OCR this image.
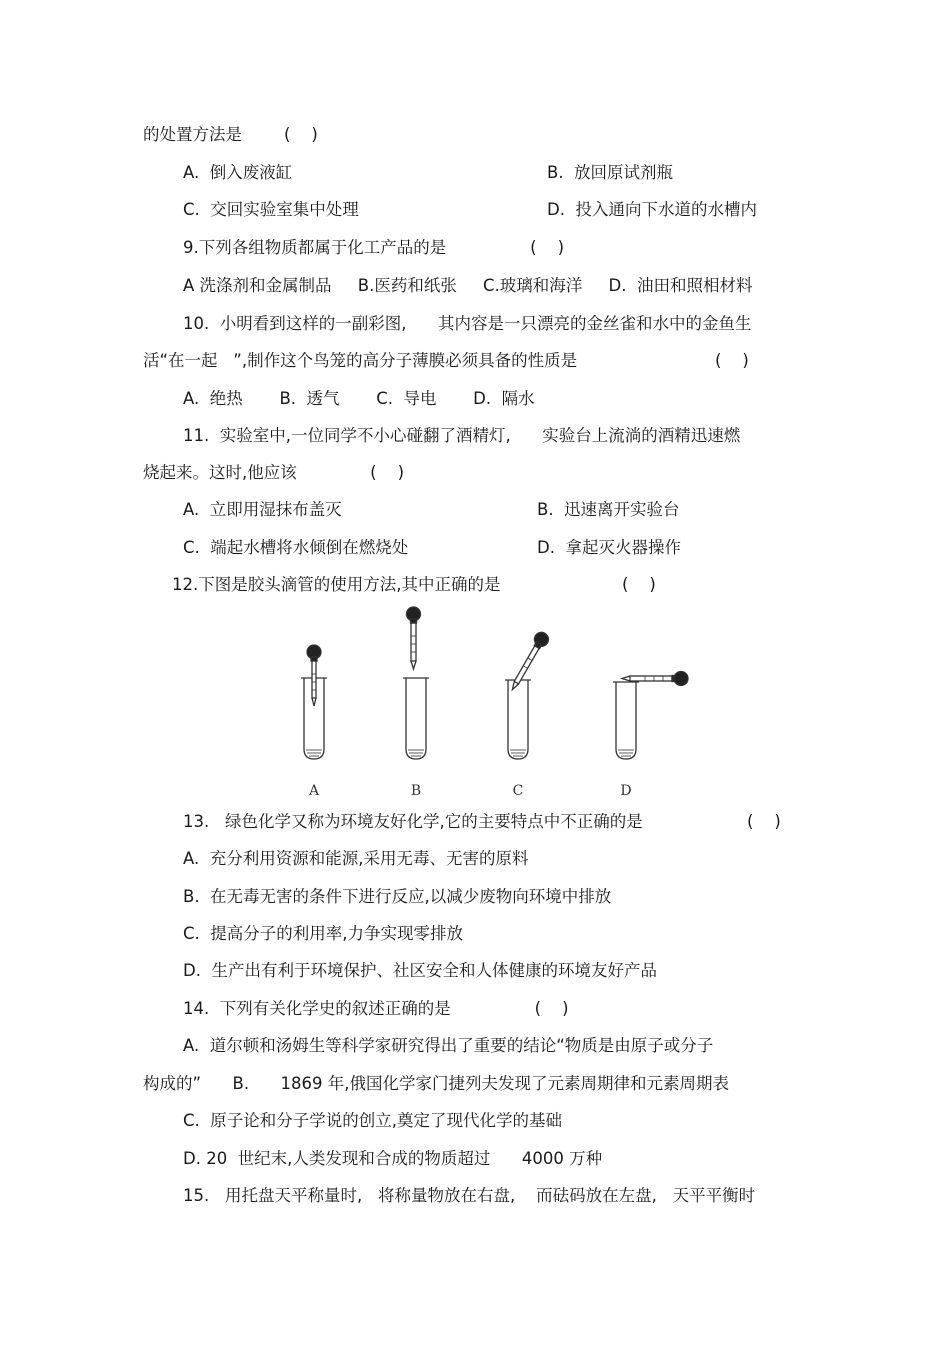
的处置方法是        (    )
A.  倒入废液缸	B.  放回原试剂瓶
C.  交回实验室集中处理	D.  投入通向下水道的水槽内
9.下列各组物质都属于化工产品的是                (    )
A 洗涤剂和金属制品     B.医药和纸张     C.玻璃和海洋     D.  油田和照相材料
10.  小明看到这样的一副彩图,      其内容是一只漂亮的金丝雀和水中的金鱼生
活“在一起   ”,制作这个鸟笼的高分子薄膜必须具备的性质是	(    )
A.  绝热       B.  透气       C.  导电       D.  隔水
11.  实验室中,一位同学不小心碰翻了酒精灯,      实验台上流淌的酒精迅速燃
烧起来。这时,他应该              (    )
A.  立即用湿抹布盖灭	B.  迅速离开实验台
C.  端起水槽将水倾倒在燃烧处	D.  拿起灭火器操作
12.下图是胶头滴管的使用方法,其中正确的是	(    )
A	B	C	D
13.   绿色化学又称为环境友好化学,它的主要特点中不正确的是	(    )
A.  充分利用资源和能源,采用无毒、无害的原料
B.  在无毒无害的条件下进行反应,以减少废物向环境中排放
C.  提高分子的利用率,力争实现零排放
D.  生产出有利于环境保护、社区安全和人体健康的环境友好产品
14.  下列有关化学史的叙述正确的是                (    )
A.  道尔顿和汤姆生等科学家研究得出了重要的结论“物质是由原子或分子
构成的”      B.      1869 年,俄国化学家门捷列夫发现了元素周期律和元素周期表
C.  原子论和分子学说的创立,奠定了现代化学的基础
D. 20  世纪末,人类发现和合成的物质超过      4000 万种
15.   用托盘天平称量时,   将称量物放在右盘,    而砝码放在左盘,   天平平衡时
